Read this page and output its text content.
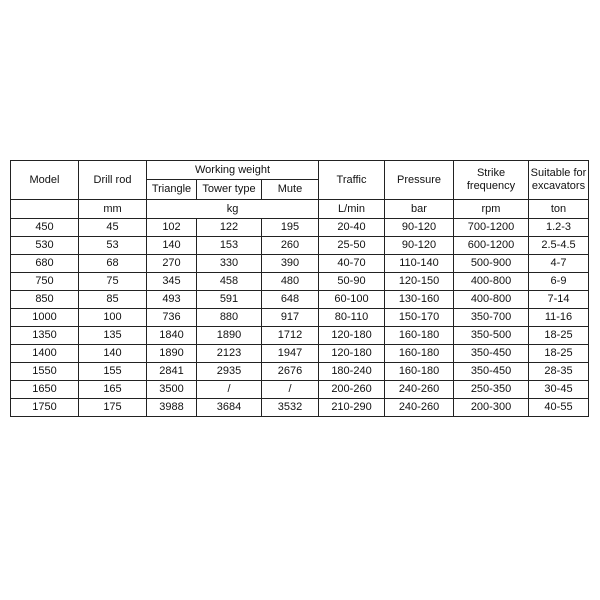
Model	Drill rod	Working weight			Traffic	Pressure	Strike frequency	Suitable for excavators
		Triangle	Tower type	Mute				
	mm	kg			L/min	bar	rpm	ton
450	45	102	122	195	20-40	90-120	700-1200	1.2-3
530	53	140	153	260	25-50	90-120	600-1200	2.5-4.5
680	68	270	330	390	40-70	110-140	500-900	4-7
750	75	345	458	480	50-90	120-150	400-800	6-9
850	85	493	591	648	60-100	130-160	400-800	7-14
1000	100	736	880	917	80-110	150-170	350-700	11-16
1350	135	1840	1890	1712	120-180	160-180	350-500	18-25
1400	140	1890	2123	1947	120-180	160-180	350-450	18-25
1550	155	2841	2935	2676	180-240	160-180	350-450	28-35
1650	165	3500	/	/	200-260	240-260	250-350	30-45
1750	175	3988	3684	3532	210-290	240-260	200-300	40-55
